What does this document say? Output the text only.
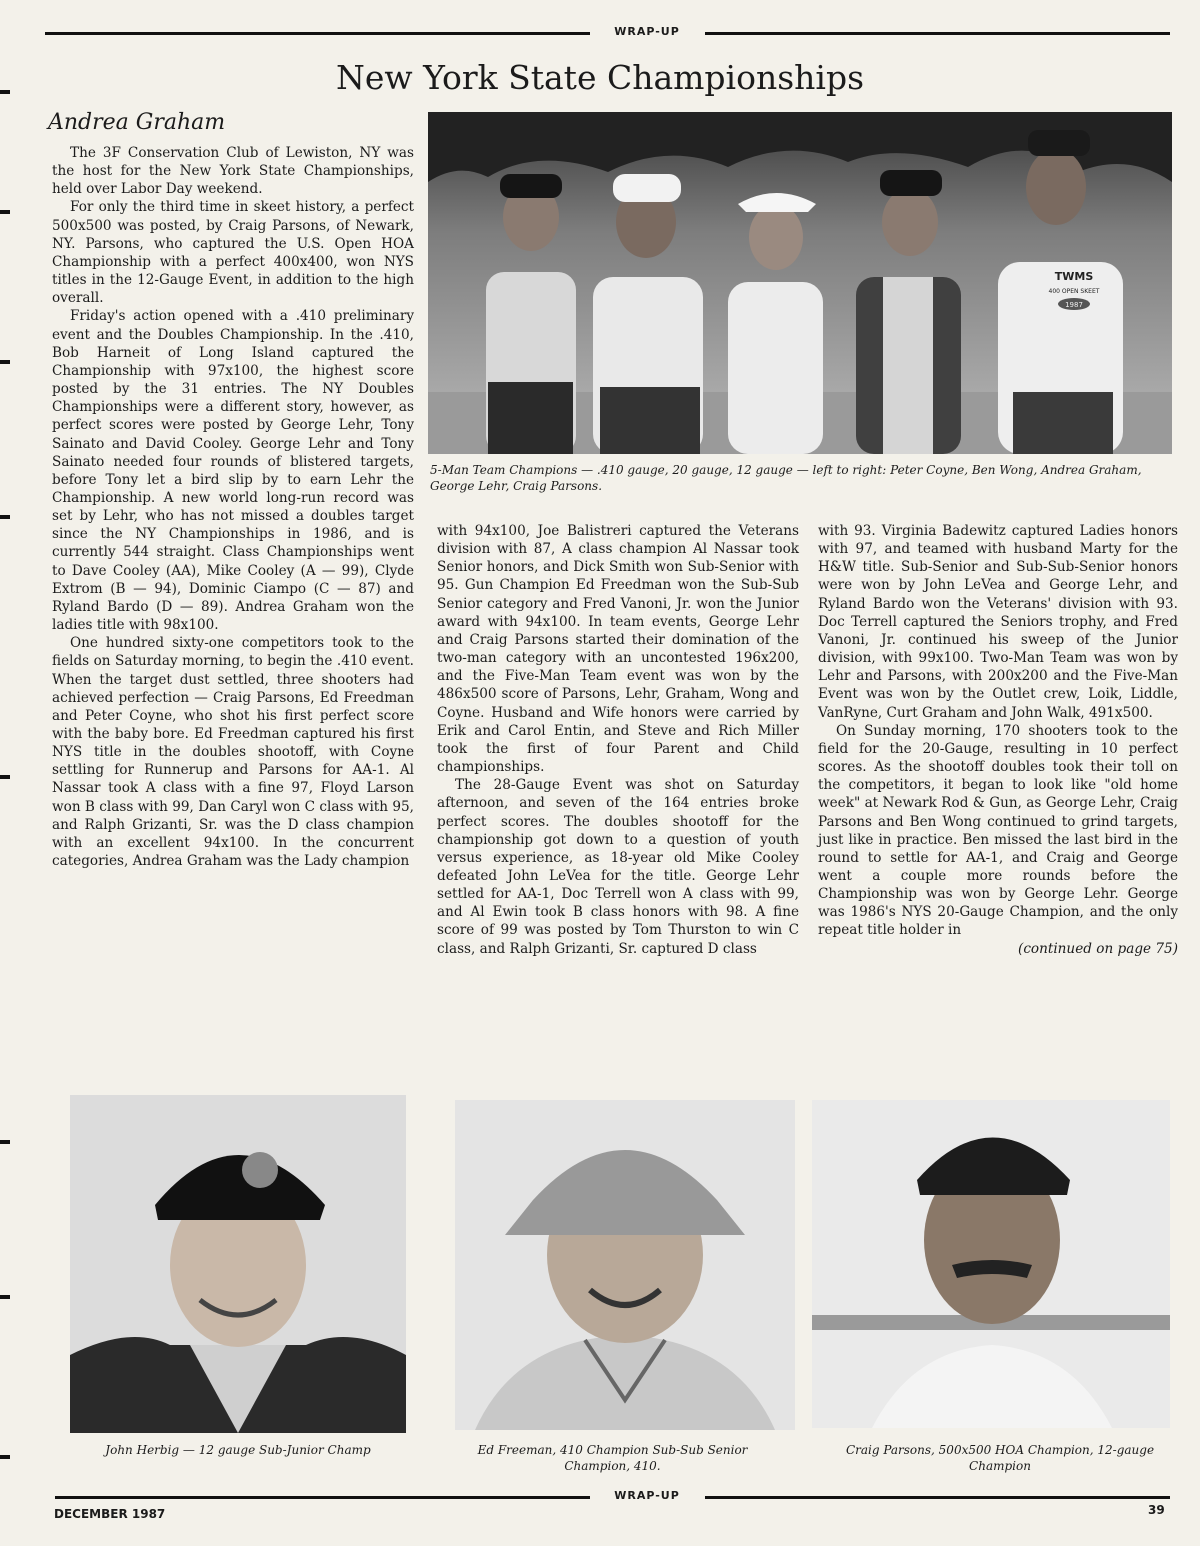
WRAP-UP
New York State Championships
Andrea Graham

The 3F Conservation Club of Lewiston, NY was the host for the New York State Championships, held over Labor Day weekend.

For only the third time in skeet history, a perfect 500x500 was posted, by Craig Parsons, of Newark, NY. Parsons, who captured the U.S. Open HOA Championship with a perfect 400x400, won NYS titles in the 12-Gauge Event, in addition to the high overall.

Friday's action opened with a .410 preliminary event and the Doubles Championship. In the .410, Bob Harneit of Long Island captured the Championship with 97x100, the highest score posted by the 31 entries. The NY Doubles Championships were a different story, however, as perfect scores were posted by George Lehr, Tony Sainato and David Cooley. George Lehr and Tony Sainato needed four rounds of blistered targets, before Tony let a bird slip by to earn Lehr the Championship. A new world long-run record was set by Lehr, who has not missed a doubles target since the NY Championships in 1986, and is currently 544 straight. Class Championships went to Dave Cooley (AA), Mike Cooley (A — 99), Clyde Extrom (B — 94), Dominic Ciampo (C — 87) and Ryland Bardo (D — 89). Andrea Graham won the ladies title with 98x100.

One hundred sixty-one competitors took to the fields on Saturday morning, to begin the .410 event. When the target dust settled, three shooters had achieved perfection — Craig Parsons, Ed Freedman and Peter Coyne, who shot his first perfect score with the baby bore. Ed Freedman captured his first NYS title in the doubles shootoff, with Coyne settling for Runnerup and Parsons for AA-1. Al Nassar took A class with a fine 97, Floyd Larson won B class with 99, Dan Caryl won C class with 95, and Ralph Grizanti, Sr. was the D class champion with an excellent 94x100. In the concurrent categories, Andrea Graham was the Lady champion

TWMS
400 OPEN SKEET
1987
5-Man Team Champions — .410 gauge, 20 gauge, 12 gauge — left to right: Peter Coyne, Ben Wong, Andrea Graham, George Lehr, Craig Parsons.

with 94x100, Joe Balistreri captured the Veterans division with 87, A class champion Al Nassar took Senior honors, and Dick Smith won Sub-Senior with 95. Gun Champion Ed Freedman won the Sub-Sub Senior category and Fred Vanoni, Jr. won the Junior award with 94x100. In team events, George Lehr and Craig Parsons started their domination of the two-man category with an uncontested 196x200, and the Five-Man Team event was won by the 486x500 score of Parsons, Lehr, Graham, Wong and Coyne. Husband and Wife honors were carried by Erik and Carol Entin, and Steve and Rich Miller took the first of four Parent and Child championships.

The 28-Gauge Event was shot on Saturday afternoon, and seven of the 164 entries broke perfect scores. The doubles shootoff for the championship got down to a question of youth versus experience, as 18-year old Mike Cooley defeated John LeVea for the title. George Lehr settled for AA-1, Doc Terrell won A class with 99, and Al Ewin took B class honors with 98. A fine score of 99 was posted by Tom Thurston to win C class, and Ralph Grizanti, Sr. captured D class

with 93. Virginia Badewitz captured Ladies honors with 97, and teamed with husband Marty for the H&W title. Sub-Senior and Sub-Sub-Senior honors were won by John LeVea and George Lehr, and Ryland Bardo won the Veterans' division with 93. Doc Terrell captured the Seniors trophy, and Fred Vanoni, Jr. continued his sweep of the Junior division, with 99x100. Two-Man Team was won by Lehr and Parsons, with 200x200 and the Five-Man Event was won by the Outlet crew, Loik, Liddle, VanRyne, Curt Graham and John Walk, 491x500.

On Sunday morning, 170 shooters took to the field for the 20-Gauge, resulting in 10 perfect scores. As the shootoff doubles took their toll on the competitors, it began to look like "old home week" at Newark Rod & Gun, as George Lehr, Craig Parsons and Ben Wong continued to grind targets, just like in practice. Ben missed the last bird in the round to settle for AA-1, and Craig and George went a couple more rounds before the Championship was won by George Lehr. George was 1986's NYS 20-Gauge Champion, and the only repeat title holder in

(continued on page 75)
John Herbig — 12 gauge Sub-Junior Champ	Ed Freeman, 410 Champion Sub-Sub Senior Champion, 410.
Craig Parsons, 500x500 HOA Champion, 12-gauge Champion
WRAP-UP
DECEMBER 1987	39
